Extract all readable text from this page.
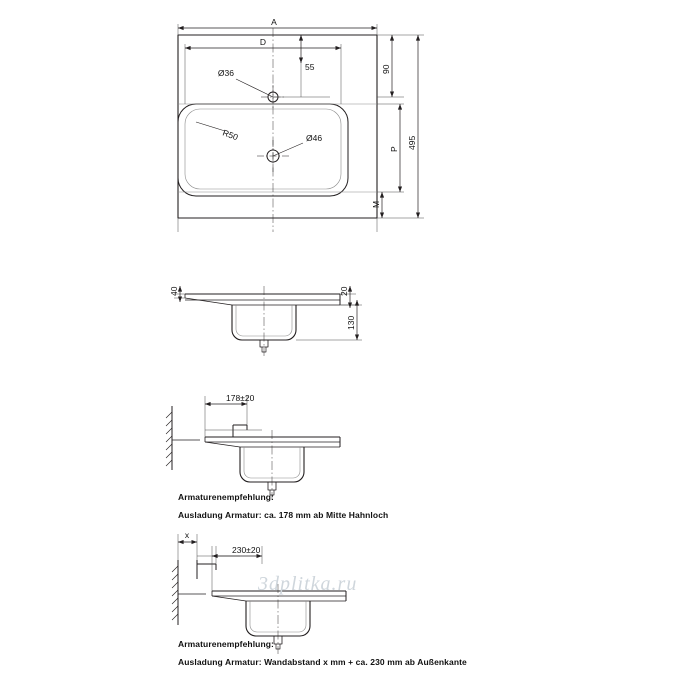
A
D
Ø36
55
R50	Ø46
90
P
M
495
40	20
130
178±20
x
230±20
3dplitka.ru
Armaturenempfehlung:
Ausladung Armatur: ca. 178 mm ab Mitte Hahnloch
Armaturenempfehlung:
Ausladung Armatur: Wandabstand x mm + ca. 230 mm ab Außenkante
